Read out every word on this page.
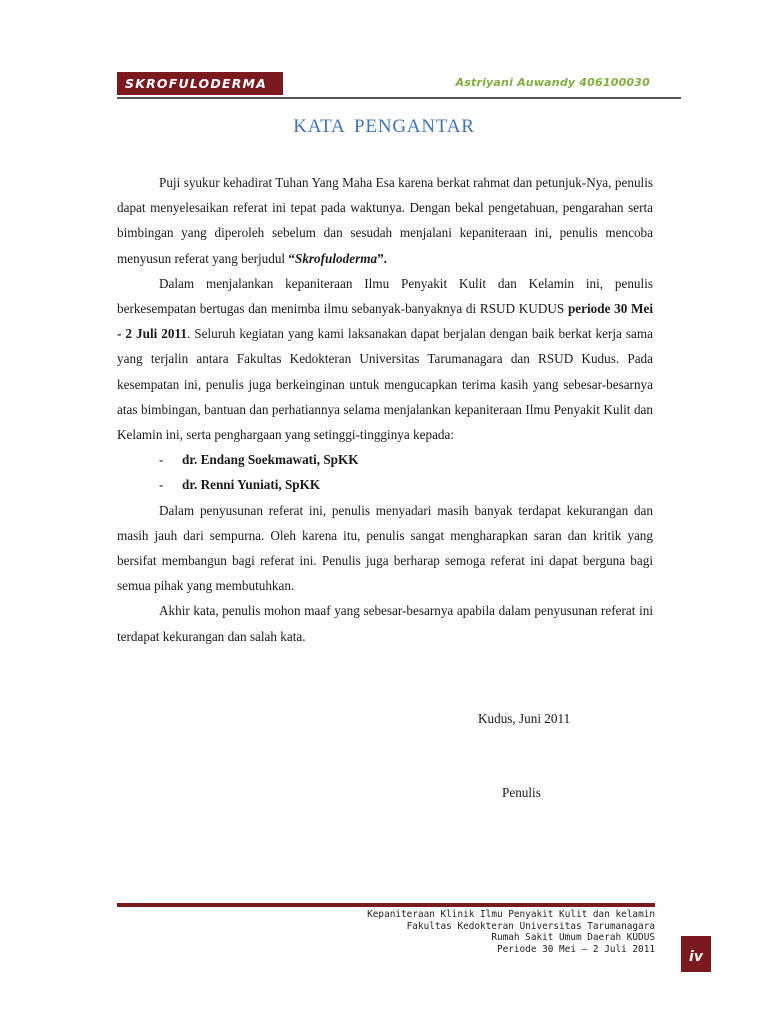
SKROFULODERMA	Astriyani Auwandy 406100030
KATA PENGANTAR

Puji syukur kehadirat Tuhan Yang Maha Esa karena berkat rahmat dan petunjuk-Nya, penulis dapat menyelesaikan referat ini tepat pada waktunya. Dengan bekal pengetahuan, pengarahan serta bimbingan yang diperoleh sebelum dan sesudah menjalani kepaniteraan ini, penulis mencoba menyusun referat yang berjudul “Skrofuloderma”.

Dalam menjalankan kepaniteraan Ilmu Penyakit Kulit dan Kelamin ini, penulis berkesempatan bertugas dan menimba ilmu sebanyak-banyaknya di RSUD KUDUS periode 30 Mei - 2 Juli 2011. Seluruh kegiatan yang kami laksanakan dapat berjalan dengan baik berkat kerja sama yang terjalin antara Fakultas Kedokteran Universitas Tarumanagara dan RSUD Kudus. Pada kesempatan ini, penulis juga berkeinginan untuk mengucapkan terima kasih yang sebesar-besarnya atas bimbingan, bantuan dan perhatiannya selama menjalankan kepaniteraan Ilmu Penyakit Kulit dan Kelamin ini, serta penghargaan yang setinggi-tingginya kepada:

-	dr. Endang Soekmawati, SpKK
-	dr. Renni Yuniati, SpKK

Dalam penyusunan referat ini, penulis menyadari masih banyak terdapat kekurangan dan masih jauh dari sempurna. Oleh karena itu, penulis sangat mengharapkan saran dan kritik yang bersifat membangun bagi referat ini. Penulis juga berharap semoga referat ini dapat berguna bagi semua pihak yang membutuhkan.

Akhir kata, penulis mohon maaf yang sebesar-besarnya apabila dalam penyusunan referat ini terdapat kekurangan dan salah kata.

Kudus, Juni 2011
Penulis
Kepaniteraan Klinik Ilmu Penyakit Kulit dan kelamin
Fakultas Kedokteran Universitas Tarumanagara
Rumah Sakit Umum Daerah KUDUS
Periode 30 Mei – 2 Juli 2011	iv
